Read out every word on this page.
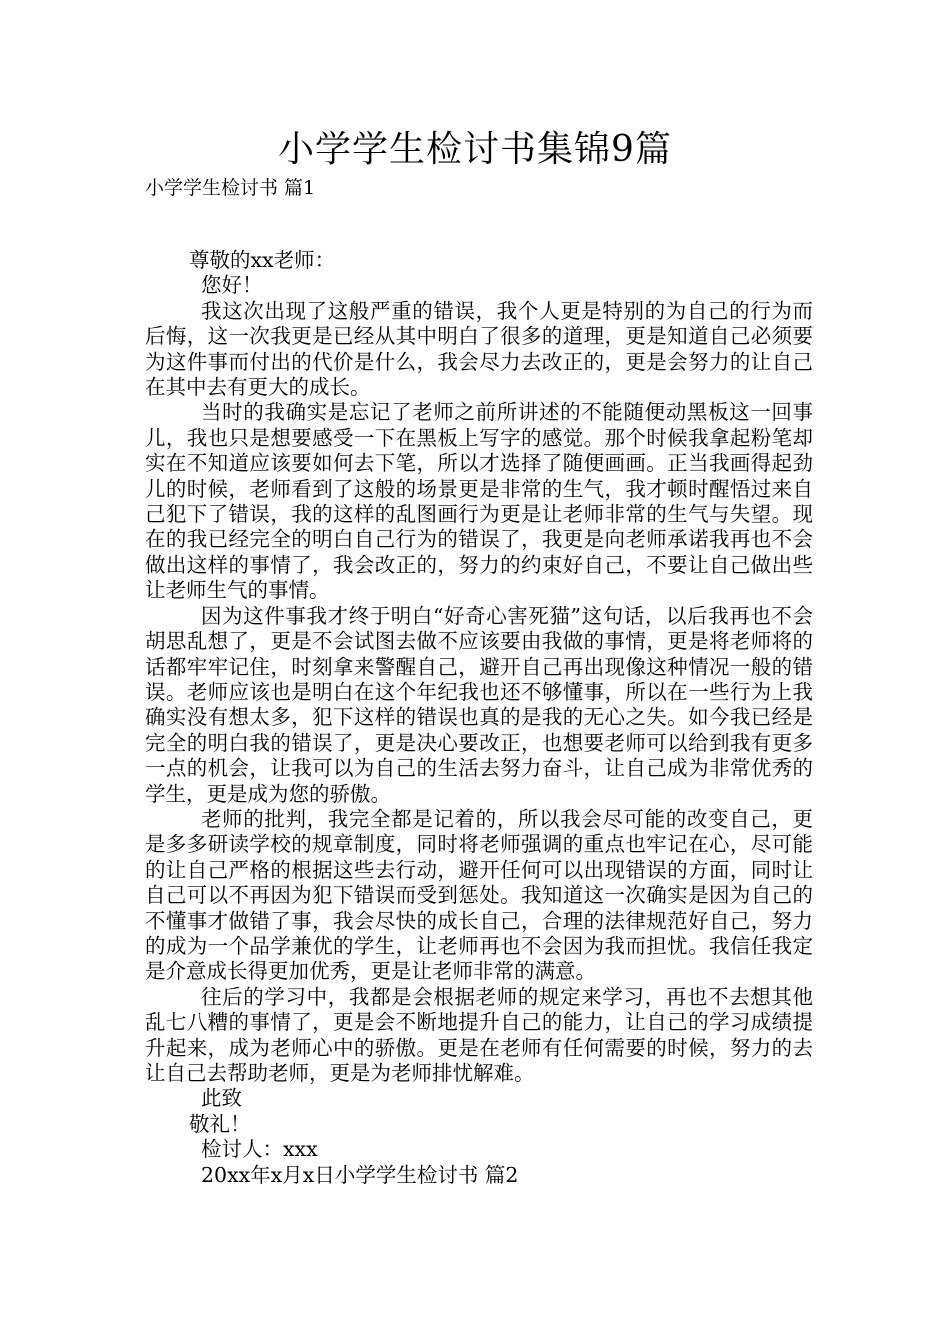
小学学生检讨书集锦9篇
小学学生检讨书 篇1

尊敬的xx老师：

您好！

我这次出现了这般严重的错误，我个人更是特别的为自己的行为而后悔，这一次我更是已经从其中明白了很多的道理，更是知道自己必须要为这件事而付出的代价是什么，我会尽力去改正的，更是会努力的让自己在其中去有更大的成长。

当时的我确实是忘记了老师之前所讲述的不能随便动黑板这一回事儿，我也只是想要感受一下在黑板上写字的感觉。那个时候我拿起粉笔却实在不知道应该要如何去下笔，所以才选择了随便画画。正当我画得起劲儿的时候，老师看到了这般的场景更是非常的生气，我才顿时醒悟过来自己犯下了错误，我的这样的乱图画行为更是让老师非常的生气与失望。现在的我已经完全的明白自己行为的错误了，我更是向老师承诺我再也不会做出这样的事情了，我会改正的，努力的约束好自己，不要让自己做出些让老师生气的事情。

因为这件事我才终于明白“好奇心害死猫”这句话，以后我再也不会胡思乱想了，更是不会试图去做不应该要由我做的事情，更是将老师将的话都牢牢记住，时刻拿来警醒自己，避开自己再出现像这种情况一般的错误。老师应该也是明白在这个年纪我也还不够懂事，所以在一些行为上我确实没有想太多，犯下这样的错误也真的是我的无心之失。如今我已经是完全的明白我的错误了，更是决心要改正，也想要老师可以给到我有更多一点的机会，让我可以为自己的生活去努力奋斗，让自己成为非常优秀的学生，更是成为您的骄傲。

老师的批判，我完全都是记着的，所以我会尽可能的改变自己，更是多多研读学校的规章制度，同时将老师强调的重点也牢记在心，尽可能的让自己严格的根据这些去行动，避开任何可以出现错误的方面，同时让自己可以不再因为犯下错误而受到惩处。我知道这一次确实是因为自己的不懂事才做错了事，我会尽快的成长自己，合理的法律规范好自己，努力的成为一个品学兼优的学生，让老师再也不会因为我而担忧。我信任我定是介意成长得更加优秀，更是让老师非常的满意。

往后的学习中，我都是会根据老师的规定来学习，再也不去想其他乱七八糟的事情了，更是会不断地提升自己的能力，让自己的学习成绩提升起来，成为老师心中的骄傲。更是在老师有任何需要的时候，努力的去让自己去帮助老师，更是为老师排忧解难。

此致

敬礼！

检讨人：xxx

20xx年x月x日小学学生检讨书 篇2
